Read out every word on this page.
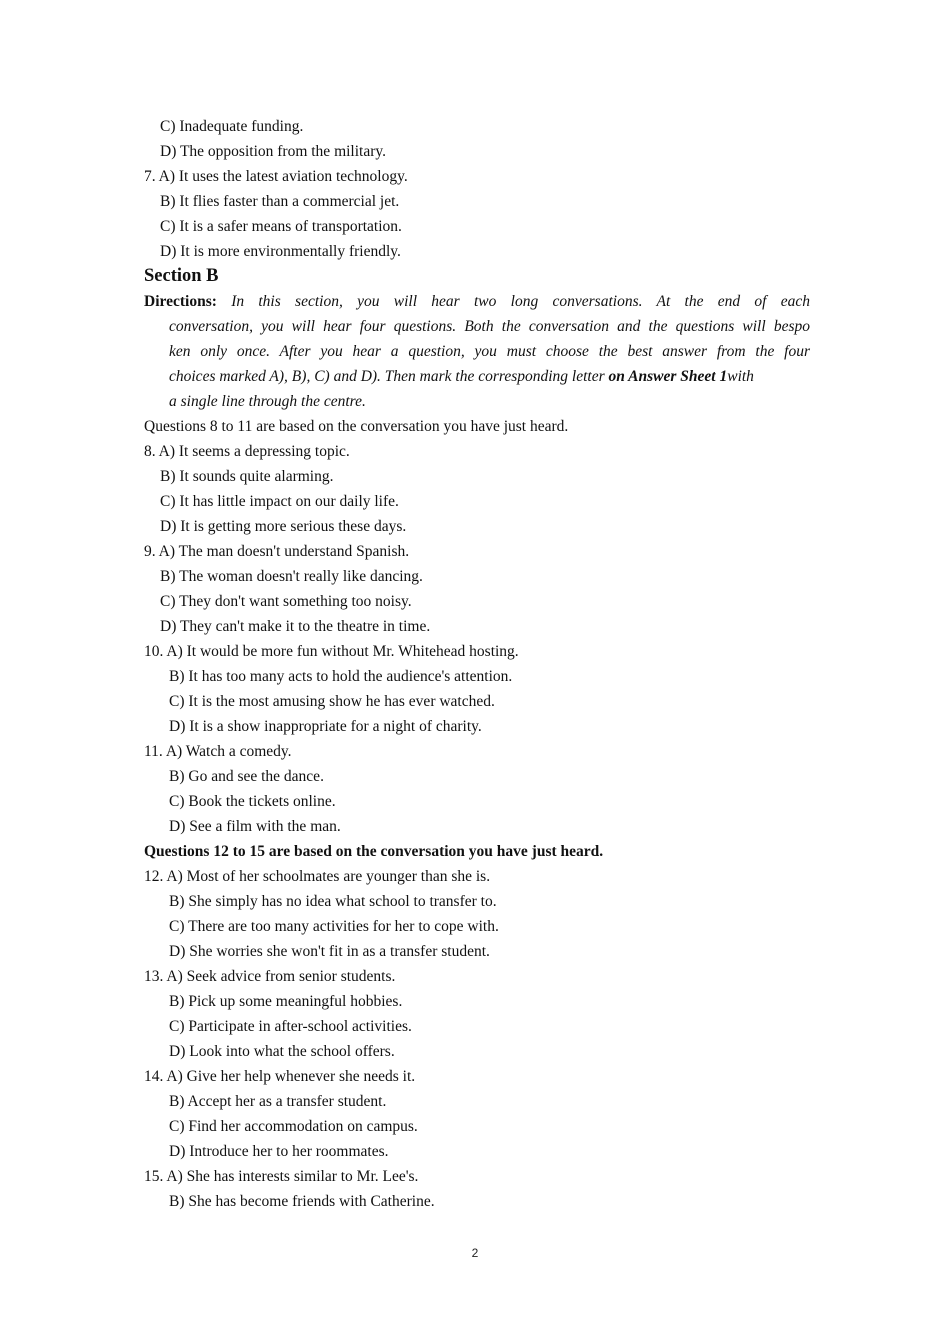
C) Inadequate funding.
D) The opposition from the military.
7. A) It uses the latest aviation technology.
B) It flies faster than a commercial jet.
C) It is a safer means of transportation.
D) It is more environmentally friendly.
Section B
Directions: In this section, you will hear two long conversations. At the end of each
conversation, you will hear four questions. Both the conversation and the questions will bespo
ken only once. After you hear a question, you must choose the best answer from the four
choices marked A), B), C) and D). Then mark the corresponding letter on Answer Sheet 1with
a single line through the centre.
Questions 8 to 11 are based on the conversation you have just heard.
8. A) It seems a depressing topic.
B) It sounds quite alarming.
C) It has little impact on our daily life.
D) It is getting more serious these days.
9. A) The man doesn't understand Spanish.
B) The woman doesn't really like dancing.
C) They don't want something too noisy.
D) They can't make it to the theatre in time.
10. A) It would be more fun without Mr. Whitehead hosting.
B) It has too many acts to hold the audience's attention.
C) It is the most amusing show he has ever watched.
D) It is a show inappropriate for a night of charity.
11. A) Watch a comedy.
B) Go and see the dance.
C) Book the tickets online.
D) See a film with the man.
Questions 12 to 15 are based on the conversation you have just heard.
12. A) Most of her schoolmates are younger than she is.
B) She simply has no idea what school to transfer to.
C) There are too many activities for her to cope with.
D) She worries she won't fit in as a transfer student.
13. A) Seek advice from senior students.
B) Pick up some meaningful hobbies.
C) Participate in after-school activities.
D) Look into what the school offers.
14. A) Give her help whenever she needs it.
B) Accept her as a transfer student.
C) Find her accommodation on campus.
D) Introduce her to her roommates.
15. A) She has interests similar to Mr. Lee's.
B) She has become friends with Catherine.
2
